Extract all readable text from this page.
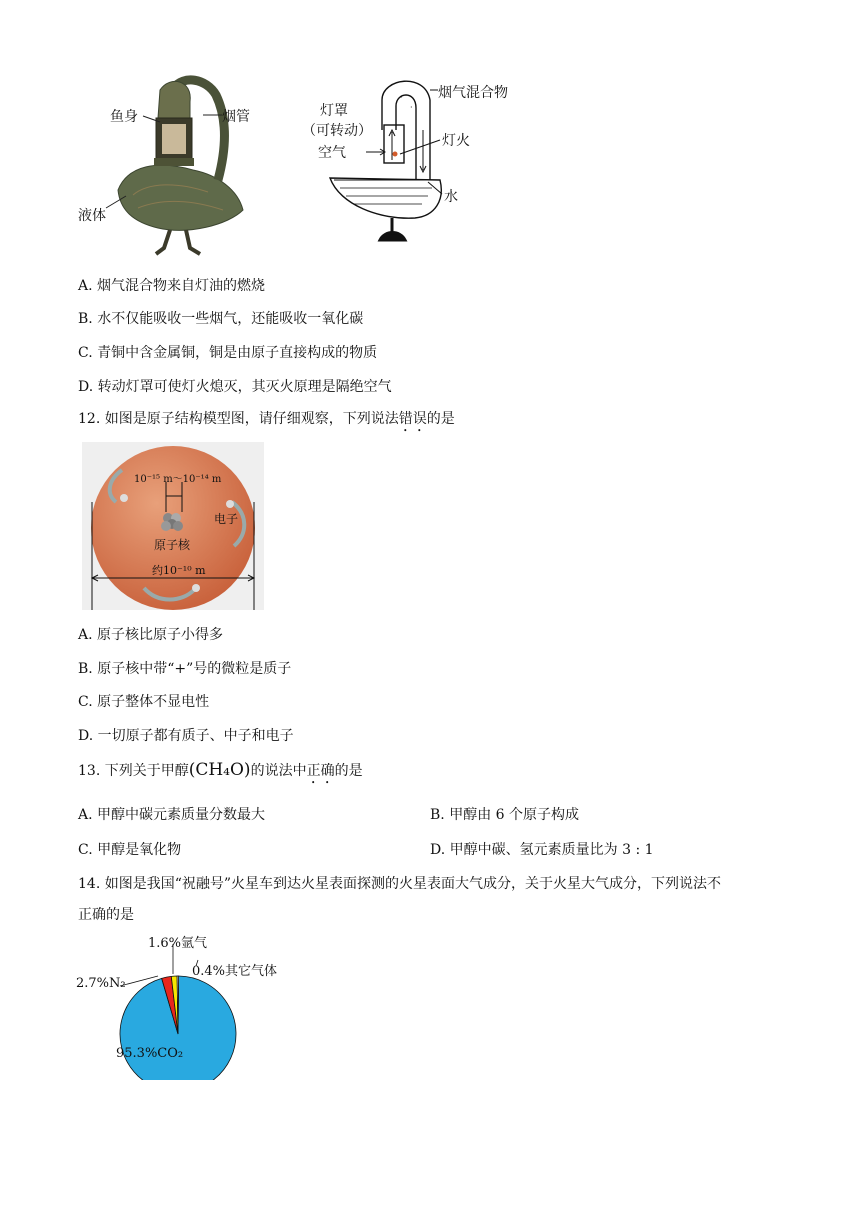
鱼身	烟管
液体
·
·
灯罩
（可转动）
空气
烟气混合物
灯火
水
A. 烟气混合物来自灯油的燃烧
B. 水不仅能吸收一些烟气，还能吸收一氧化碳
C. 青铜中含金属铜，铜是由原子直接构成的物质
D. 转动灯罩可使灯火熄灭，其灭火原理是隔绝空气
12. 如图是原子结构模型图，请仔细观察，下列说法错误的是
10⁻¹⁵ m～10⁻¹⁴ m
电子
原子核
约10⁻¹⁰ m
A. 原子核比原子小得多
B. 原子核中带“+”号的微粒是质子
C. 原子整体不显电性
D. 一切原子都有质子、中子和电子
13. 下列关于甲醇(CH₄O)的说法中正确的是
A. 甲醇中碳元素质量分数最大	B. 甲醇由 6 个原子构成
C. 甲醇是氧化物	D. 甲醇中碳、氢元素质量比为 3 : 1
14. 如图是我国“祝融号”火星车到达火星表面探测的火星表面大气成分，关于火星大气成分，下列说法不
正确的是
1.6%氩气
0.4%其它气体
2.7%N₂
95.3%CO₂
